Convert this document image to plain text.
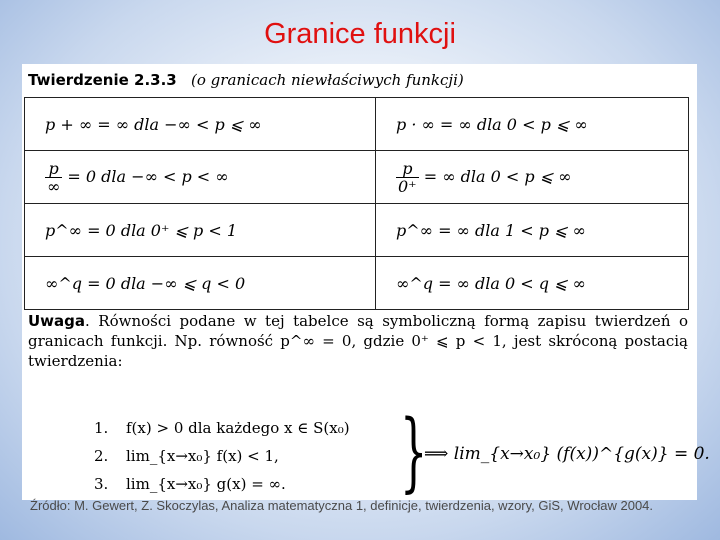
Granice funkcji
Twierdzenie 2.3.3 (o granicach niewłaściwych funkcji)
p + ∞ = ∞ dla −∞ < p ⩽ ∞	p · ∞ = ∞ dla 0 < p ⩽ ∞

$\frac{p}{\infty} = 0$ dla −∞ < p < ∞	$\frac{p}{0^+}$ = ∞ dla 0 < p ⩽ ∞
p^∞ = 0 dla 0⁺ ⩽ p < 1	p^∞ = ∞ dla 1 < p ⩽ ∞
∞^q = 0 dla −∞ ⩽ q < 0	∞^q = ∞ dla 0 < q ⩽ ∞
Uwaga. Równości podane w tej tabelce są symboliczną formą zapisu twierdzeń o granicach funkcji. Np. równość p^∞ = 0, gdzie 0⁺ ⩽ p < 1, jest skróconą postacią twierdzenia:
1. f(x) > 0 dla każdego x ∈ S(x₀)
2. lim_{x→x₀} f(x) < 1,
3. lim_{x→x₀} g(x) = ∞.	}
⟹ lim_{x→x₀} (f(x))^{g(x)} = 0.
Źródło: M. Gewert, Z. Skoczylas, Analiza matematyczna 1, definicje, twierdzenia, wzory, GiS, Wrocław 2004.
